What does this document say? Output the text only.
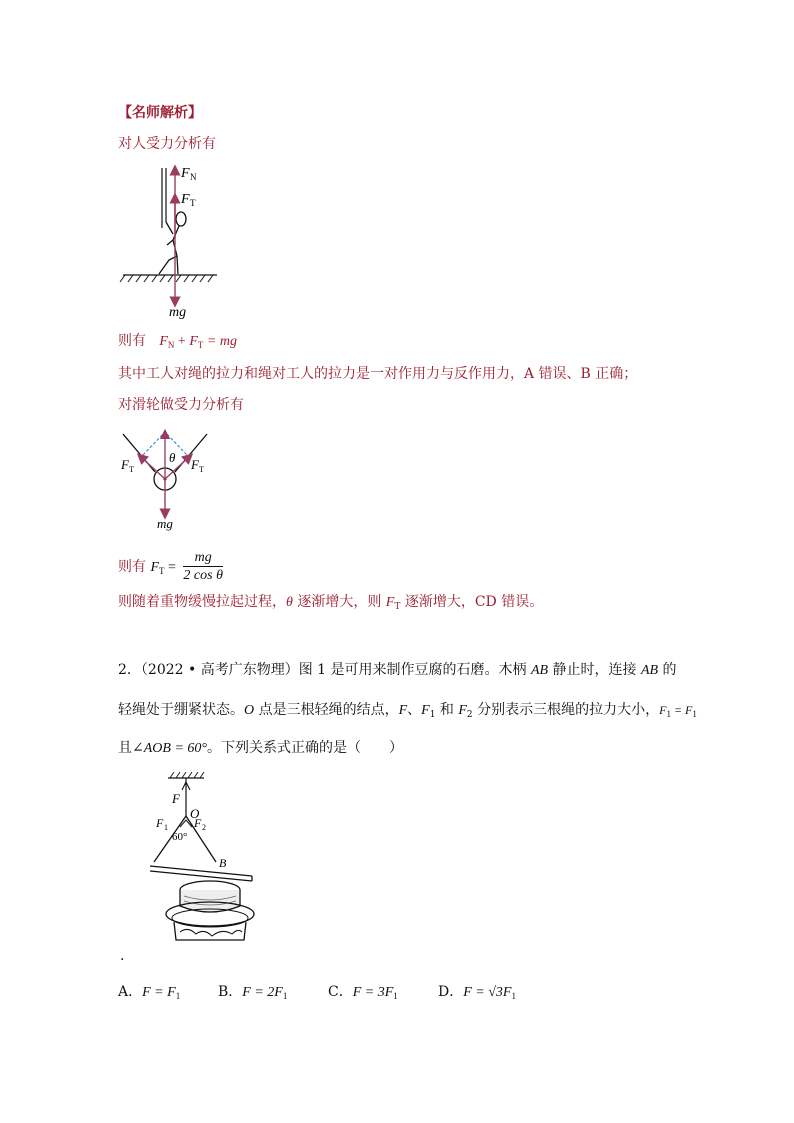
【名师解析】
对人受力分析有
F N
F T
mg
则有 $F_N + F_T$ = mg
其中工人对绳的拉力和绳对工人的拉力是一对作用力与反作用力，A 错误、B 正确；
对滑轮做受力分析有
θ
F T	F T
mg
则有 $F_T = \frac{mg}{\text{2 cos θ}}$
则随着重物缓慢拉起过程，θ 逐渐增大，则 $F_T$ 逐渐增大，CD 错误。
2．（2022 • 高考广东物理）图 1 是可用来制作豆腐的石磨。木柄 AB 静止时，连接 AB 的
轻绳处于绷紧状态。O 点是三根轻绳的结点，F、$F_1$ 和 $F_2$ 分别表示三根绳的拉力大小，$F_1 = F_1$
且∠AOB = 60°。下列关系式正确的是（　　）
F
O
F 1 F 2
60°
B
.
A．$F = F_1$	B．$F = 2F_1$	C．$F = 3F_1$	D．$F = √3F_1$
